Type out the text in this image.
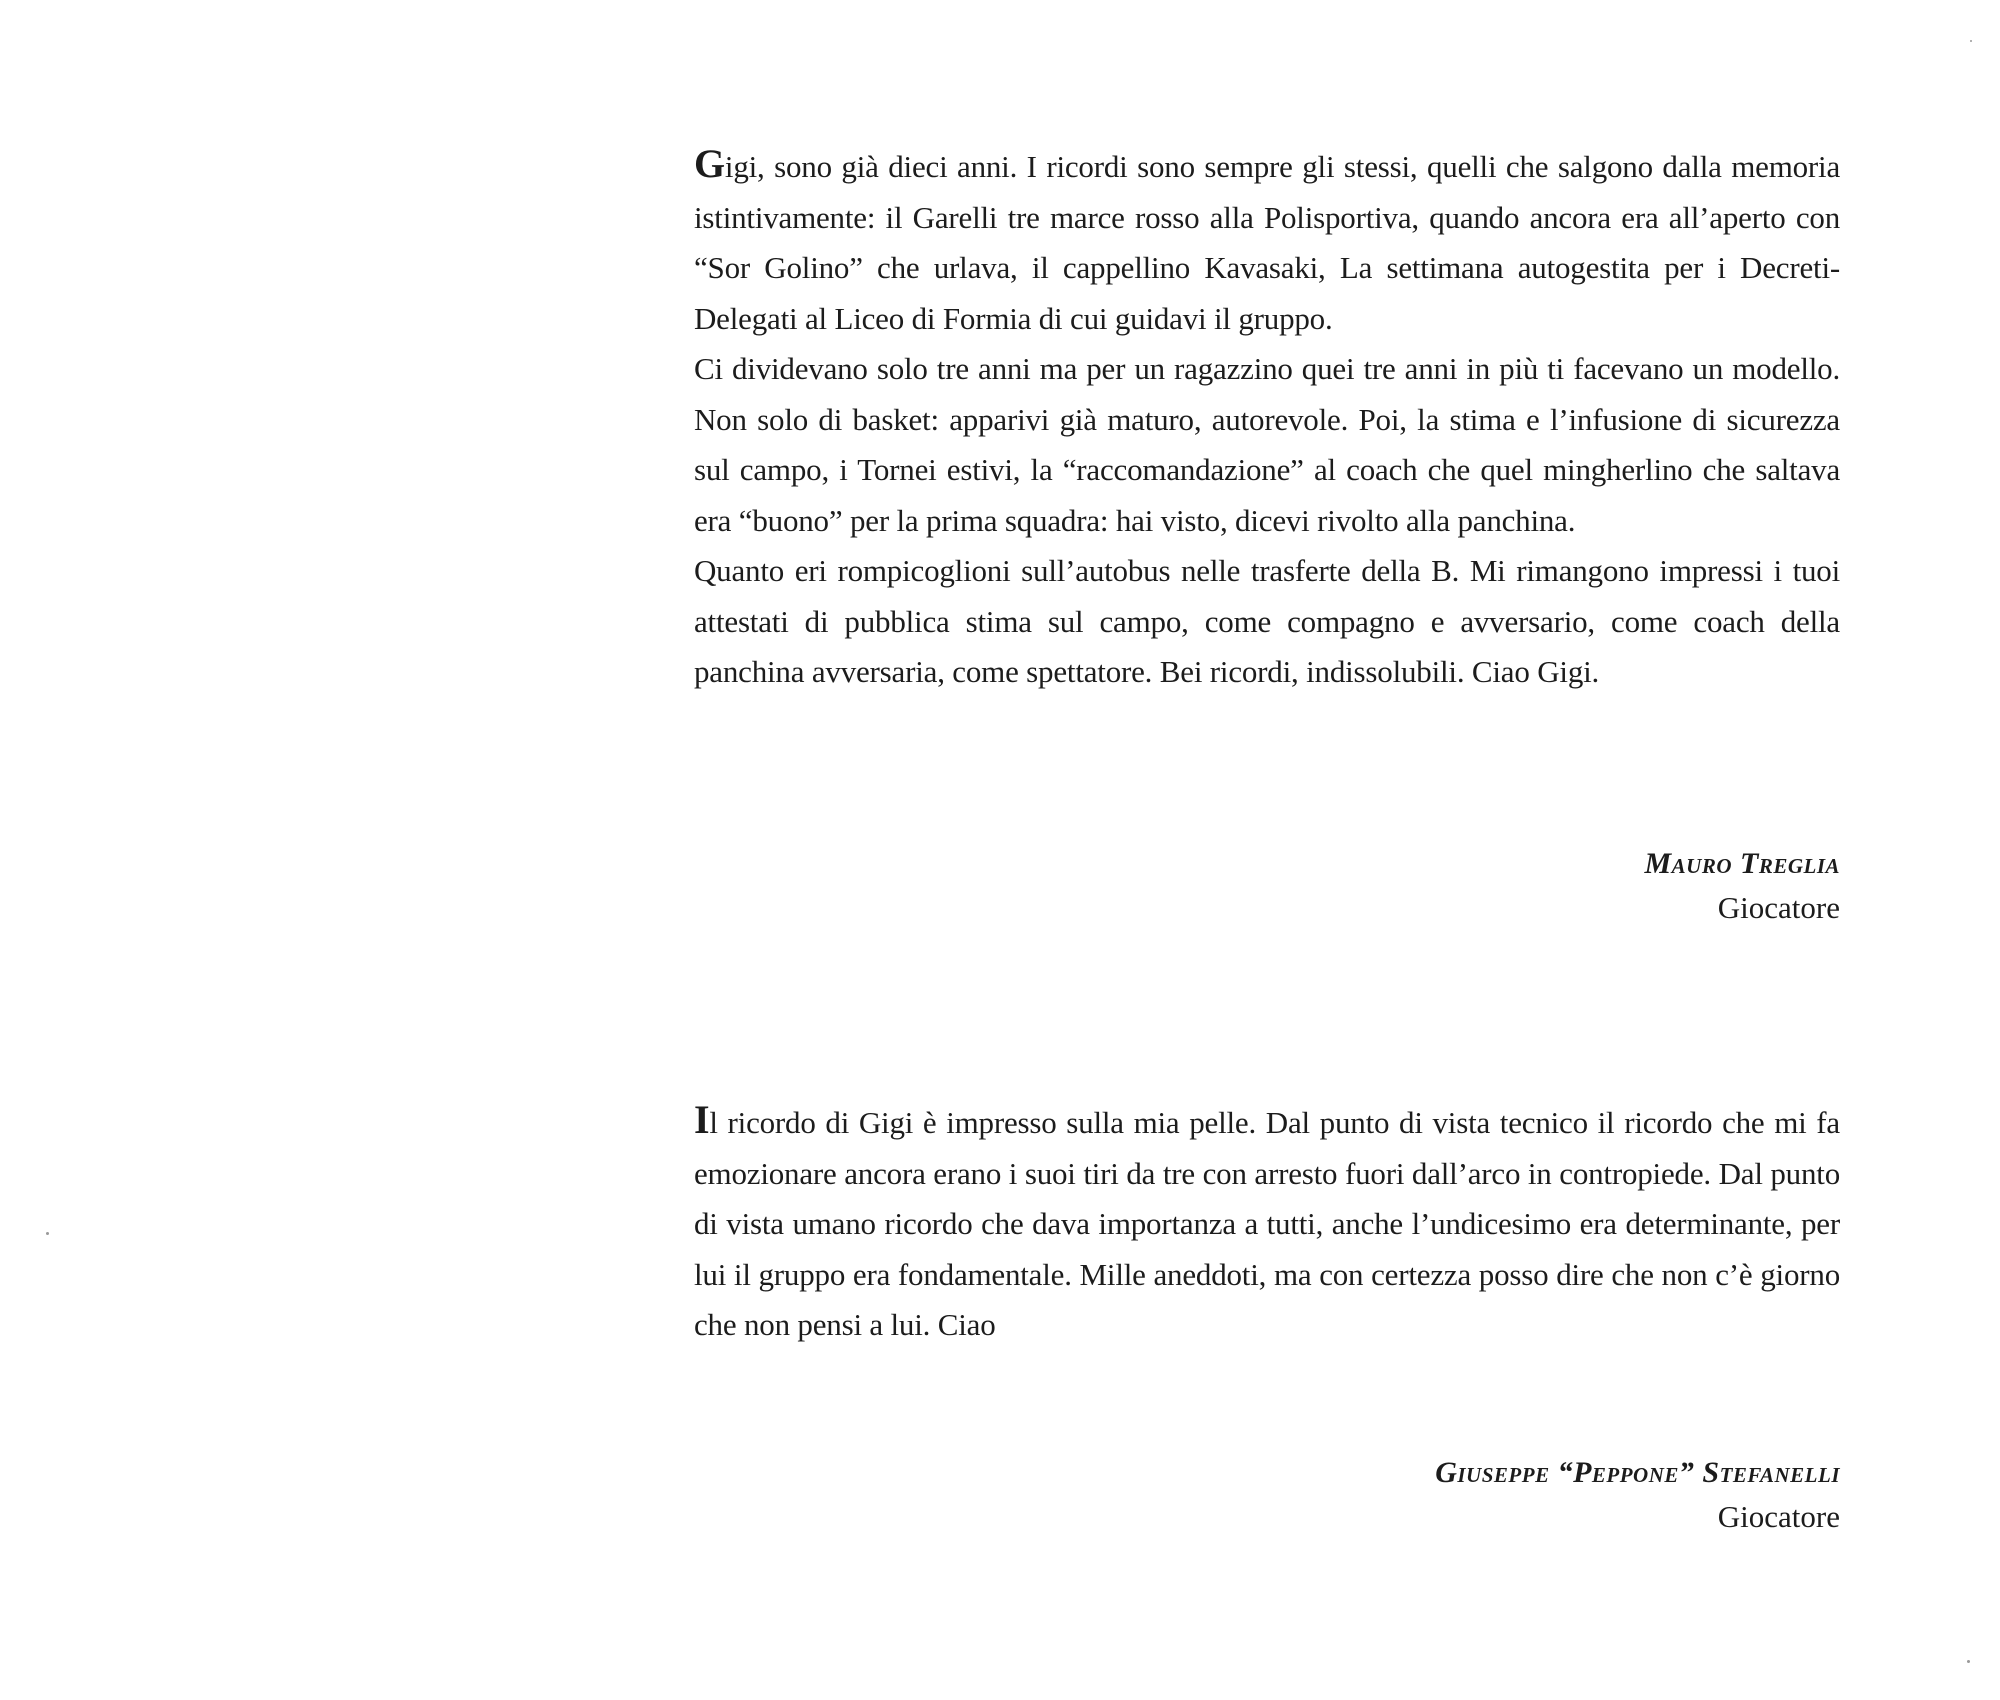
Gigi, sono già dieci anni. I ricordi sono sempre gli stessi, quelli che salgono dalla memoria istintivamente: il Garelli tre marce rosso alla Polisportiva, quando ancora era all’aperto con “Sor Golino” che urlava, il cappellino Kavasaki, La settimana autogestita per i Decreti-Delegati al Liceo di Formia di cui guidavi il gruppo.

Ci dividevano solo tre anni ma per un ragazzino quei tre anni in più ti facevano un modello. Non solo di basket: apparivi già maturo, autorevole. Poi, la stima e l’infusione di sicurezza sul campo, i Tornei estivi, la “raccomandazione” al coach che quel mingherlino che saltava era “buono” per la prima squadra: hai visto, dicevi rivolto alla panchina.

Quanto eri rompicoglioni sull’autobus nelle trasferte della B. Mi rimangono impressi i tuoi attestati di pubblica stima sul campo, come compagno e avversario, come coach della panchina avversaria, come spettatore. Bei ricordi, indissolubili. Ciao Gigi.

Mauro Treglia
Giocatore

Il ricordo di Gigi è impresso sulla mia pelle. Dal punto di vista tecnico il ricordo che mi fa emozionare ancora erano i suoi tiri da tre con arresto fuori dall’arco in contropiede. Dal punto di vista umano ricordo che dava importanza a tutti, anche l’undicesimo era determinante, per lui il gruppo era fondamentale. Mille aneddoti, ma con certezza posso dire che non c’è giorno che non pensi a lui. Ciao

Giuseppe “Peppone” Stefanelli
Giocatore
